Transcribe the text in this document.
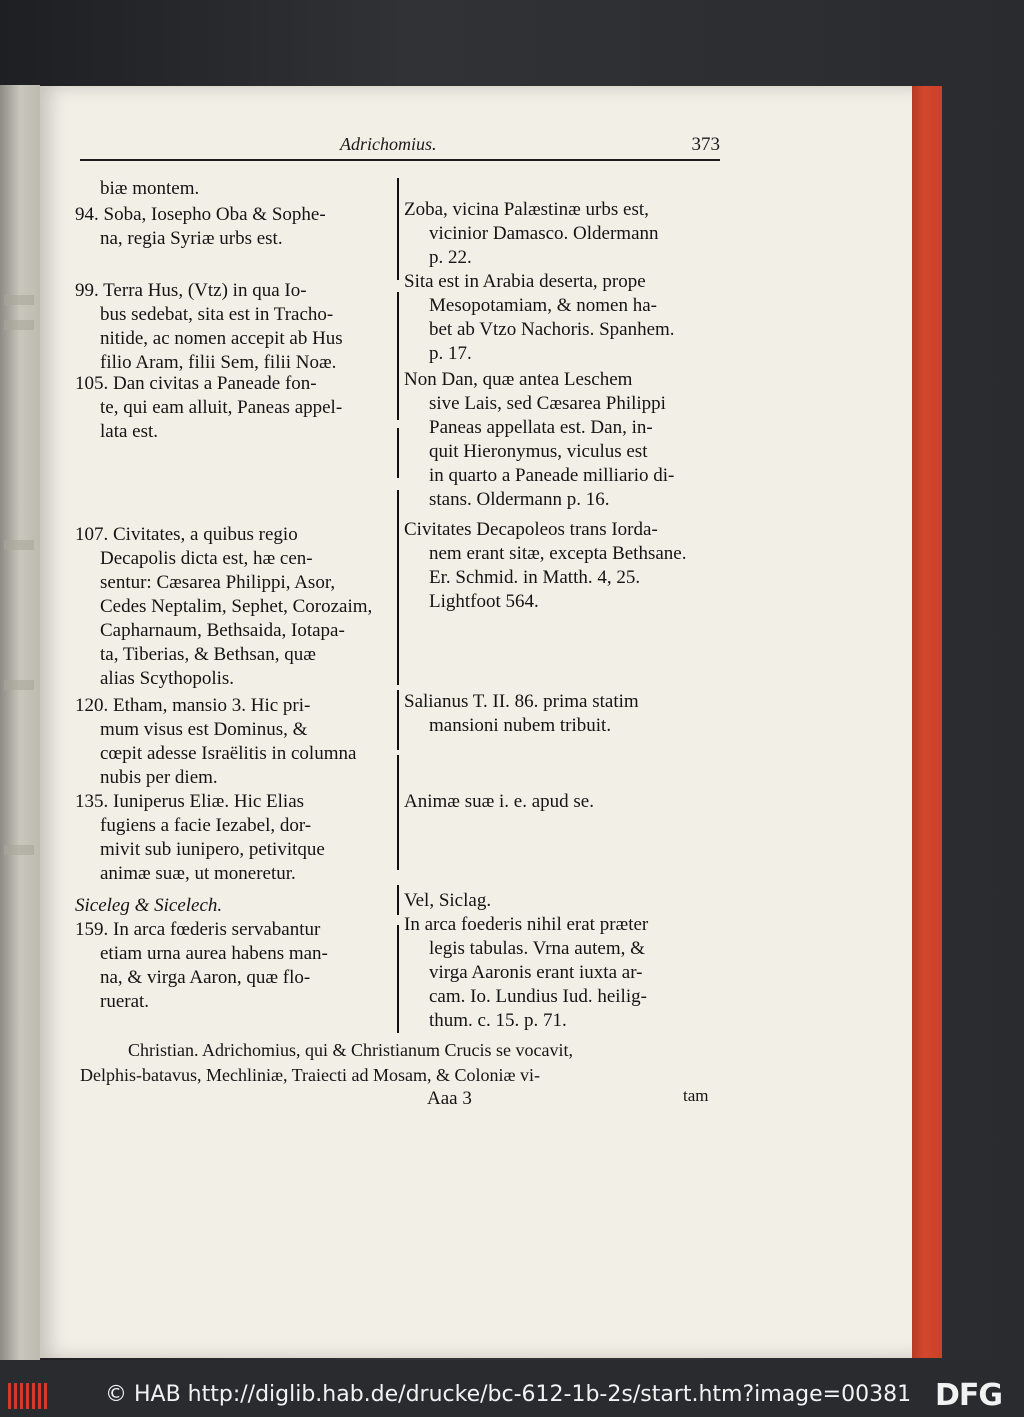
Adrichomius.	373
biæ montem.
94. Soba, Iosepho Oba & Sophe-
na, regia Syriæ urbs est.
99. Terra Hus, (Vtz) in qua Io-
bus sedebat, sita est in Tracho-
nitide, ac nomen accepit ab Hus
filio Aram, filii Sem, filii Noæ.
105. Dan civitas a Paneade fon-
te, qui eam alluit, Paneas appel-
lata est.
107. Civitates, a quibus regio
Decapolis dicta est, hæ cen-
sentur: Cæsarea Philippi, Asor,
Cedes Neptalim, Sephet, Corozaim,
Capharnaum, Bethsaida, Iotapa-
ta, Tiberias, & Bethsan, quæ
alias Scythopolis.
120. Etham, mansio 3. Hic pri-
mum visus est Dominus, &
cœpit adesse Israëlitis in columna
nubis per diem.
135. Iuniperus Eliæ. Hic Elias
fugiens a facie Iezabel, dor-
mivit sub iunipero, petivitque
animæ suæ, ut moneretur.
Siceleg & Sicelech.
159. In arca fœderis servabantur
etiam urna aurea habens man-
na, & virga Aaron, quæ flo-
ruerat.
Zoba, vicina Palæstinæ urbs est,
vicinior Damasco. Oldermann
p. 22.
Sita est in Arabia deserta, prope
Mesopotamiam, & nomen ha-
bet ab Vtzo Nachoris. Spanhem.
p. 17.
Non Dan, quæ antea Leschem
sive Lais, sed Cæsarea Philippi
Paneas appellata est. Dan, in-
quit Hieronymus, viculus est
in quarto a Paneade milliario di-
stans. Oldermann p. 16.
Civitates Decapoleos trans Iorda-
nem erant sitæ, excepta Bethsane.
Er. Schmid. in Matth. 4, 25.
Lightfoot 564.
Salianus T. II. 86. prima statim
mansioni nubem tribuit.
Animæ suæ i. e. apud se.
Vel, Siclag.
In arca foederis nihil erat præter
legis tabulas. Vrna autem, &
virga Aaronis erant iuxta ar-
cam. Io. Lundius Iud. heilig-
thum. c. 15. p. 71.
Christian. Adrichomius, qui & Christianum Crucis se vocavit,
Delphis-batavus, Mechliniæ, Traiecti ad Mosam, & Coloniæ vi-
Aaa 3	tam
© HAB http://diglib.hab.de/drucke/bc-612-1b-2s/start.htm?image=00381 DFG
